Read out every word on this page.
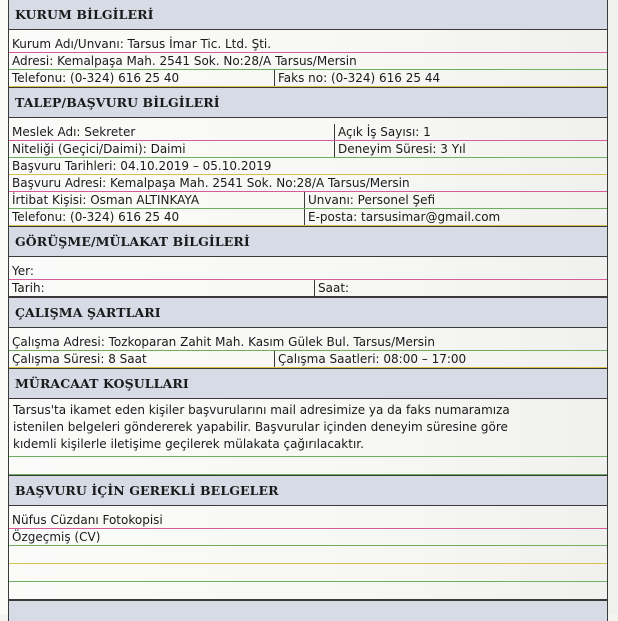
KURUM BİLGİLERİ
Kurum Adı/Unvanı: Tarsus İmar Tic. Ltd. Şti.
Adresi: Kemalpaşa Mah. 2541 Sok. No:28/A Tarsus/Mersin
Telefonu: (0-324) 616 25 40	Faks no: (0-324) 616 25 44
TALEP/BAŞVURU BİLGİLERİ
Meslek Adı: Sekreter	Açık İş Sayısı: 1
Niteliği (Geçici/Daimi): Daimi	Deneyim Süresi: 3 Yıl
Başvuru Tarihleri: 04.10.2019 – 05.10.2019
Başvuru Adresi: Kemalpaşa Mah. 2541 Sok. No:28/A Tarsus/Mersin
İrtibat Kişisi: Osman ALTINKAYA	Unvanı: Personel Şefi
Telefonu: (0-324) 616 25 40	E-posta: tarsusimar@gmail.com
GÖRÜŞME/MÜLAKAT BİLGİLERİ
Yer:
Tarih:	Saat:
ÇALIŞMA ŞARTLARI
Çalışma Adresi: Tozkoparan Zahit Mah. Kasım Gülek Bul. Tarsus/Mersin
Çalışma Süresi: 8 Saat	Çalışma Saatleri: 08:00 – 17:00
MÜRACAAT KOŞULLARI
Tarsus'ta ikamet eden kişiler başvurularını mail adresimize ya da faks numaramıza
istenilen belgeleri göndererek yapabilir. Başvurular içinden deneyim süresine göre
kıdemli kişilerle iletişime geçilerek mülakata çağırılacaktır.
BAŞVURU İÇİN GEREKLİ BELGELER
Nüfus Cüzdanı Fotokopisi
Özgeçmiş (CV)
